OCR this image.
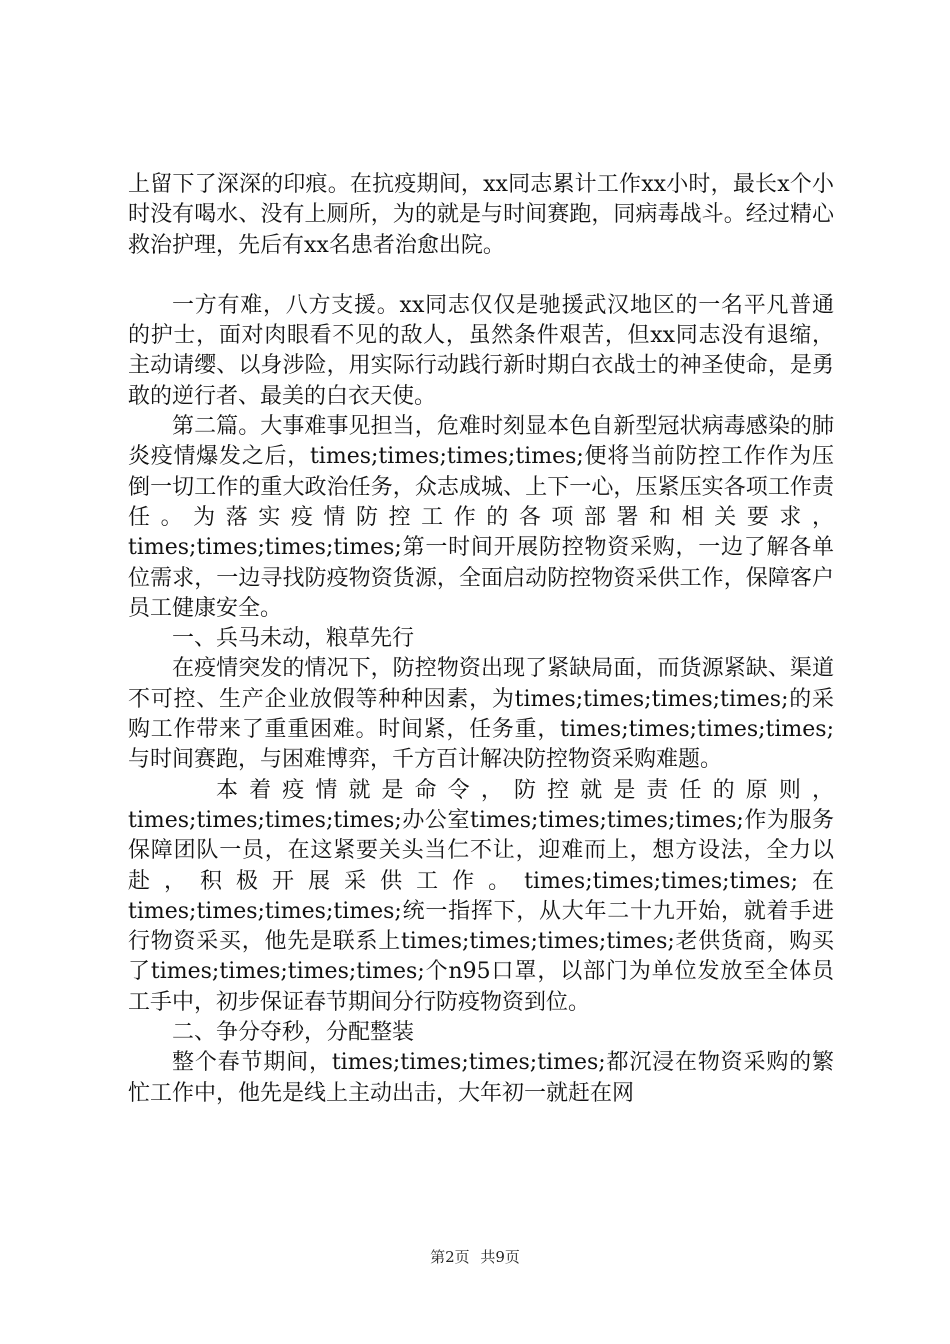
上留下了深深的印痕。在抗疫期间，xx同志累计工作xx小时，最长x个小时没有喝水、没有上厕所，为的就是与时间赛跑，同病毒战斗。经过精心救治护理，先后有xx名患者治愈出院。

一方有难，八方支援。xx同志仅仅是驰援武汉地区的一名平凡普通的护士，面对肉眼看不见的敌人，虽然条件艰苦，但xx同志没有退缩，主动请缨、以身涉险，用实际行动践行新时期白衣战士的神圣使命，是勇敢的逆行者、最美的白衣天使。

第二篇。大事难事见担当，危难时刻显本色自新型冠状病毒感染的肺炎疫情爆发之后，times;times;times;times;便将当前防控工作作为压倒一切工作的重大政治任务，众志成城、上下一心，压紧压实各项工作责任。为落实疫情防控工作的各项部署和相关要求，times;times;times;times;第一时间开展防控物资采购，一边了解各单位需求，一边寻找防疫物资货源，全面启动防控物资采供工作，保障客户员工健康安全。

一、兵马未动，粮草先行

在疫情突发的情况下，防控物资出现了紧缺局面，而货源紧缺、渠道不可控、生产企业放假等种种因素，为times;times;times;times;的采购工作带来了重重困难。时间紧，任务重，times;times;times;times;与时间赛跑，与困难博弈，千方百计解决防控物资采购难题。

本着疫情就是命令，防控就是责任的原则，times;times;times;times;办公室times;times;times;times;作为服务保障团队一员，在这紧要关头当仁不让，迎难而上，想方设法，全力以赴，积极开展采供工作。times;times;times;times;在times;times;times;times;统一指挥下，从大年二十九开始，就着手进行物资采买，他先是联系上times;times;times;times;老供货商，购买了times;times;times;times;个n95口罩，以部门为单位发放至全体员工手中，初步保证春节期间分行防疫物资到位。

二、争分夺秒，分配整装

整个春节期间，times;times;times;times;都沉浸在物资采购的繁忙工作中，他先是线上主动出击，大年初一就赶在网

第2页 共9页
